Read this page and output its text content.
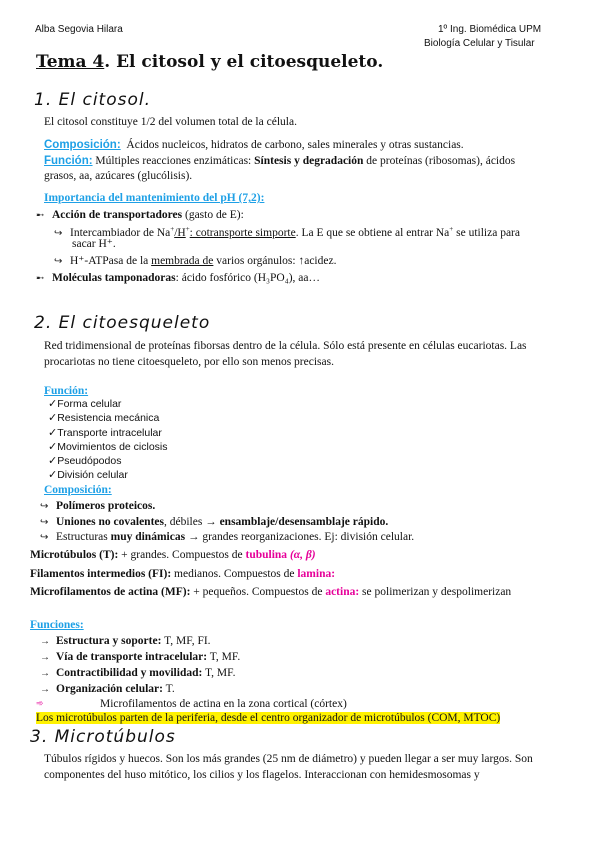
Alba Segovia Hilara	1º Ing. Biomédica UPM
Biología Celular y Tisular
Tema 4. El citosol y el citoesqueleto.
1. El citosol.
El citosol constituye 1/2 del volumen total de la célula.
Composición: Ácidos nucleicos, hidratos de carbono, sales minerales y otras sustancias.
Función: Múltiples reacciones enzimáticas: Síntesis y degradación de proteínas (ribosomas), ácidos
grasos, aa, azúcares (glucólisis).
Importancia del mantenimiento del pH (7,2):
➸ Acción de transportadores (gasto de E):
↪ Intercambiador de Na+/H+: cotransporte simporte. La E que se obtiene al entrar Na+ se utiliza para
sacar H⁺.
↪ H⁺-ATPasa de la membrada de varios orgánulos: ↑acidez.
➸ Moléculas tamponadoras: ácido fosfórico (H₃PO₄), aa…
2. El citoesqueleto
Red tridimensional de proteínas fiborsas dentro de la célula. Sólo está presente en células eucariotas. Las
procariotas no tiene citoesqueleto, por ello son menos precisas.
Función:
✓Forma celular
✓Resistencia mecánica
✓Transporte intracelular
✓Movimientos de ciclosis
✓Pseudópodos
✓División celular
Composición:
↪ Polímeros proteicos.
↪ Uniones no covalentes, débiles → ensamblaje/desensamblaje rápido.
↪ Estructuras muy dinámicas → grandes reorganizaciones. Ej: división celular.
Microtúbulos (T): + grandes. Compuestos de tubulina (α, β)
Filamentos intermedios (FI): medianos. Compuestos de lamina:
Microfilamentos de actina (MF): + pequeños. Compuestos de actina: se polimerizan y despolimerizan
Funciones:
→ Estructura y soporte: T, MF, FI.
→ Vía de transporte intracelular: T, MF.
→ Contractibilidad y movilidad: T, MF.
→ Organización celular: T.
Microfilamentos de actina en la zona cortical (córtex)
➾
Los microtúbulos parten de la periferia, desde el centro organizador de microtúbulos (COM, MTOC)
3. Microtúbulos
Túbulos rígidos y huecos. Son los más grandes (25 nm de diámetro) y pueden llegar a ser muy largos. Son
componentes del huso mitótico, los cilios y los flagelos. Interaccionan con hemidesmosomas y
